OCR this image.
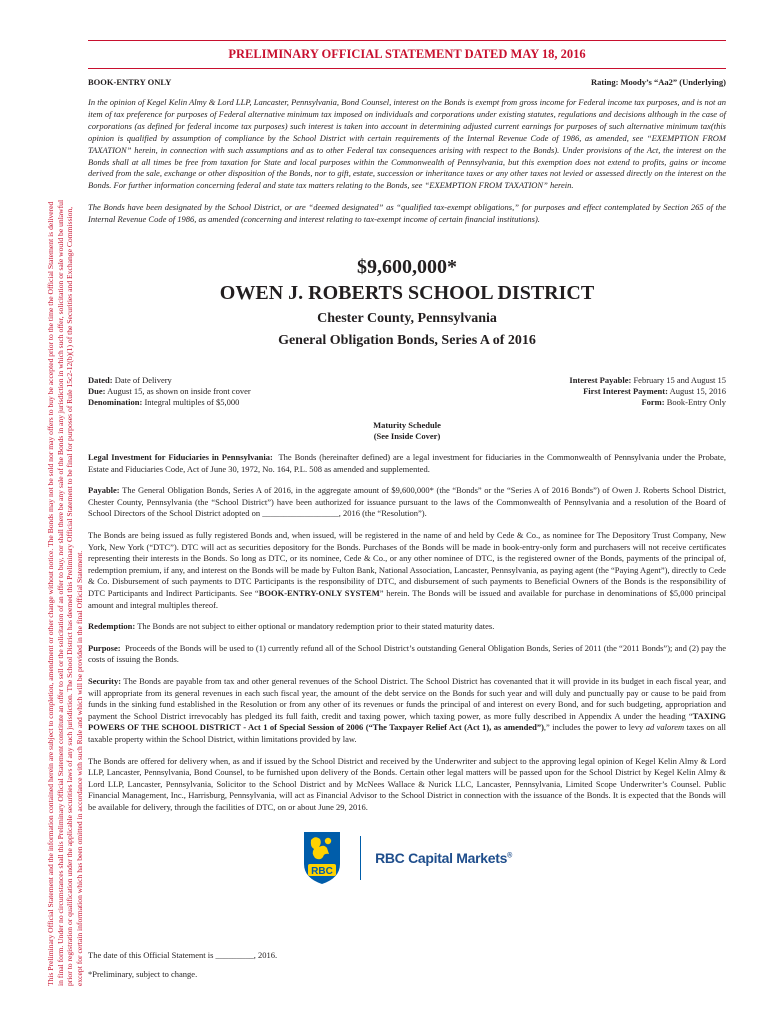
This Preliminary Official Statement and the information contained herein are subject to completion, amendment or other change without notice. The Bonds may not be sold nor may offers to buy be accepted prior to the time the Official Statement is delivered in final form. Under no circumstances shall this Preliminary Official Statement constitute an offer to sell or the solicitation of an offer to buy, nor shall there be any sale of the Bonds in any jurisdiction in which such offer, solicitation or sale would be unlawful prior to registration or qualification under the applicable securities laws of any such jurisdiction. The School District has deemed this Preliminary Official Statement to be final for purposes of Rule 15c2-12(b)(1) of the Securities and Exchange Commission, except for certain information which has been omitted in accordance with such Rule and which will be provided in the final Official Statement.

PRELIMINARY OFFICIAL STATEMENT DATED MAY 18, 2016
BOOK-ENTRY ONLY	Rating: Moody’s “Aa2” (Underlying)

In the opinion of Kegel Kelin Almy & Lord LLP, Lancaster, Pennsylvania, Bond Counsel, interest on the Bonds is exempt from gross income for Federal income tax purposes, and is not an item of tax preference for purposes of Federal alternative minimum tax imposed on individuals and corporations under existing statutes, regulations and decisions although in the case of corporations (as defined for federal income tax purposes) such interest is taken into account in determining adjusted current earnings for purposes of such alternative minimum tax(this opinion is qualified by assumption of compliance by the School District with certain requirements of the Internal Revenue Code of 1986, as amended, see “EXEMPTION FROM TAXATION” herein, in connection with such assumptions and as to other Federal tax consequences arising with respect to the Bonds). Under provisions of the Act, the interest on the Bonds shall at all times be free from taxation for State and local purposes within the Commonwealth of Pennsylvania, but this exemption does not extend to profits, gains or income derived from the sale, exchange or other disposition of the Bonds, nor to gift, estate, succession or inheritance taxes or any other taxes not levied or assessed directly on the interest on the Bonds. For further information concerning federal and state tax matters relating to the Bonds, see “EXEMPTION FROM TAXATION” herein.

The Bonds have been designated by the School District, or are “deemed designated” as “qualified tax-exempt obligations,” for purposes and effect contemplated by Section 265 of the Internal Revenue Code of 1986, as amended (concerning and interest relating to tax-exempt income of certain financial institutions).

$9,600,000*
OWEN J. ROBERTS SCHOOL DISTRICT
Chester County, Pennsylvania
General Obligation Bonds, Series A of 2016
Dated: Date of Delivery
Due: August 15, as shown on inside front cover
Denomination: Integral multiples of $5,000
Interest Payable: February 15 and August 15
First Interest Payment: August 15, 2016
Form: Book-Entry Only
Maturity Schedule
(See Inside Cover)

Legal Investment for Fiduciaries in Pennsylvania: The Bonds (hereinafter defined) are a legal investment for fiduciaries in the Commonwealth of Pennsylvania under the Probate, Estate and Fiduciaries Code, Act of June 30, 1972, No. 164, P.L. 508 as amended and supplemented.

Payable: The General Obligation Bonds, Series A of 2016, in the aggregate amount of $9,600,000* (the “Bonds” or the “Series A of 2016 Bonds”) of Owen J. Roberts School District, Chester County, Pennsylvania (the “School District”) have been authorized for issuance pursuant to the laws of the Commonwealth of Pennsylvania and a resolution of the Board of School Directors of the School District adopted on __________________, 2016 (the “Resolution”).

The Bonds are being issued as fully registered Bonds and, when issued, will be registered in the name of and held by Cede & Co., as nominee for The Depository Trust Company, New York, New York (“DTC”). DTC will act as securities depository for the Bonds. Purchases of the Bonds will be made in book-entry-only form and purchasers will not receive certificates representing their interests in the Bonds. So long as DTC, or its nominee, Cede & Co., or any other nominee of DTC, is the registered owner of the Bonds, payments of the principal of, redemption premium, if any, and interest on the Bonds will be made by Fulton Bank, National Association, Lancaster, Pennsylvania, as paying agent (the “Paying Agent”), directly to Cede & Co. Disbursement of such payments to DTC Participants is the responsibility of DTC, and disbursement of such payments to Beneficial Owners of the Bonds is the responsibility of DTC Participants and Indirect Participants. See “BOOK-ENTRY-ONLY SYSTEM” herein. The Bonds will be issued and available for purchase in denominations of $5,000 principal amount and integral multiples thereof.

Redemption: The Bonds are not subject to either optional or mandatory redemption prior to their stated maturity dates.

Purpose: Proceeds of the Bonds will be used to (1) currently refund all of the School District’s outstanding General Obligation Bonds, Series of 2011 (the “2011 Bonds”); and (2) pay the costs of issuing the Bonds.

Security: The Bonds are payable from tax and other general revenues of the School District. The School District has covenanted that it will provide in its budget in each fiscal year, and will appropriate from its general revenues in each such fiscal year, the amount of the debt service on the Bonds for such year and will duly and punctually pay or cause to be paid from funds in the sinking fund established in the Resolution or from any other of its revenues or funds the principal of and interest on every Bond, and for such budgeting, appropriation and payment the School District irrevocably has pledged its full faith, credit and taxing power, which taxing power, as more fully described in Appendix A under the heading “TAXING POWERS OF THE SCHOOL DISTRICT - Act 1 of Special Session of 2006 (“The Taxpayer Relief Act (Act 1), as amended”),” includes the power to levy ad valorem taxes on all taxable property within the School District, within limitations provided by law.

The Bonds are offered for delivery when, as and if issued by the School District and received by the Underwriter and subject to the approving legal opinion of Kegel Kelin Almy & Lord LLP, Lancaster, Pennsylvania, Bond Counsel, to be furnished upon delivery of the Bonds. Certain other legal matters will be passed upon for the School District by Kegel Kelin Almy & Lord LLP, Lancaster, Pennsylvania, Solicitor to the School District and by McNees Wallace & Nurick LLC, Lancaster, Pennsylvania, Limited Scope Underwriter’s Counsel. Public Financial Management, Inc., Harrisburg, Pennsylvania, will act as Financial Advisor to the School District in connection with the issuance of the Bonds. It is expected that the Bonds will be available for delivery, through the facilities of DTC, on or about June 29, 2016.

RBC
RBC Capital Markets®
The date of this Official Statement is _________, 2016.
*Preliminary, subject to change.
